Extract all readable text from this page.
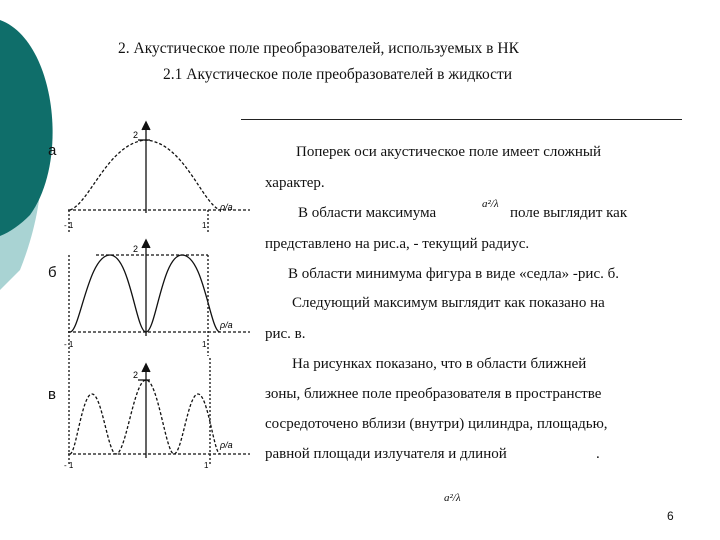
2. Акустическое поле преобразователей, используемых в НК
2.1 Акустическое поле преобразователей в жидкости
а
б
в
2
- 1	1
ρ/a
2
- 1	1
ρ/a
2
- 1	1
ρ/a
Поперек оси акустическое поле имеет сложный
характер.
В области максимума
a²/λ
поле выглядит как
представлено на рис.а, - текущий радиус.
В области минимума фигура в виде «седла» -рис. б.
Следующий максимум выглядит как показано на
рис. в.
На рисунках показано, что в области ближней
зоны, ближнее поле преобразователя в пространстве
сосредоточено вблизи (внутри) цилиндра, площадью,
равной площади излучателя и длиной	.
a²/λ
6
